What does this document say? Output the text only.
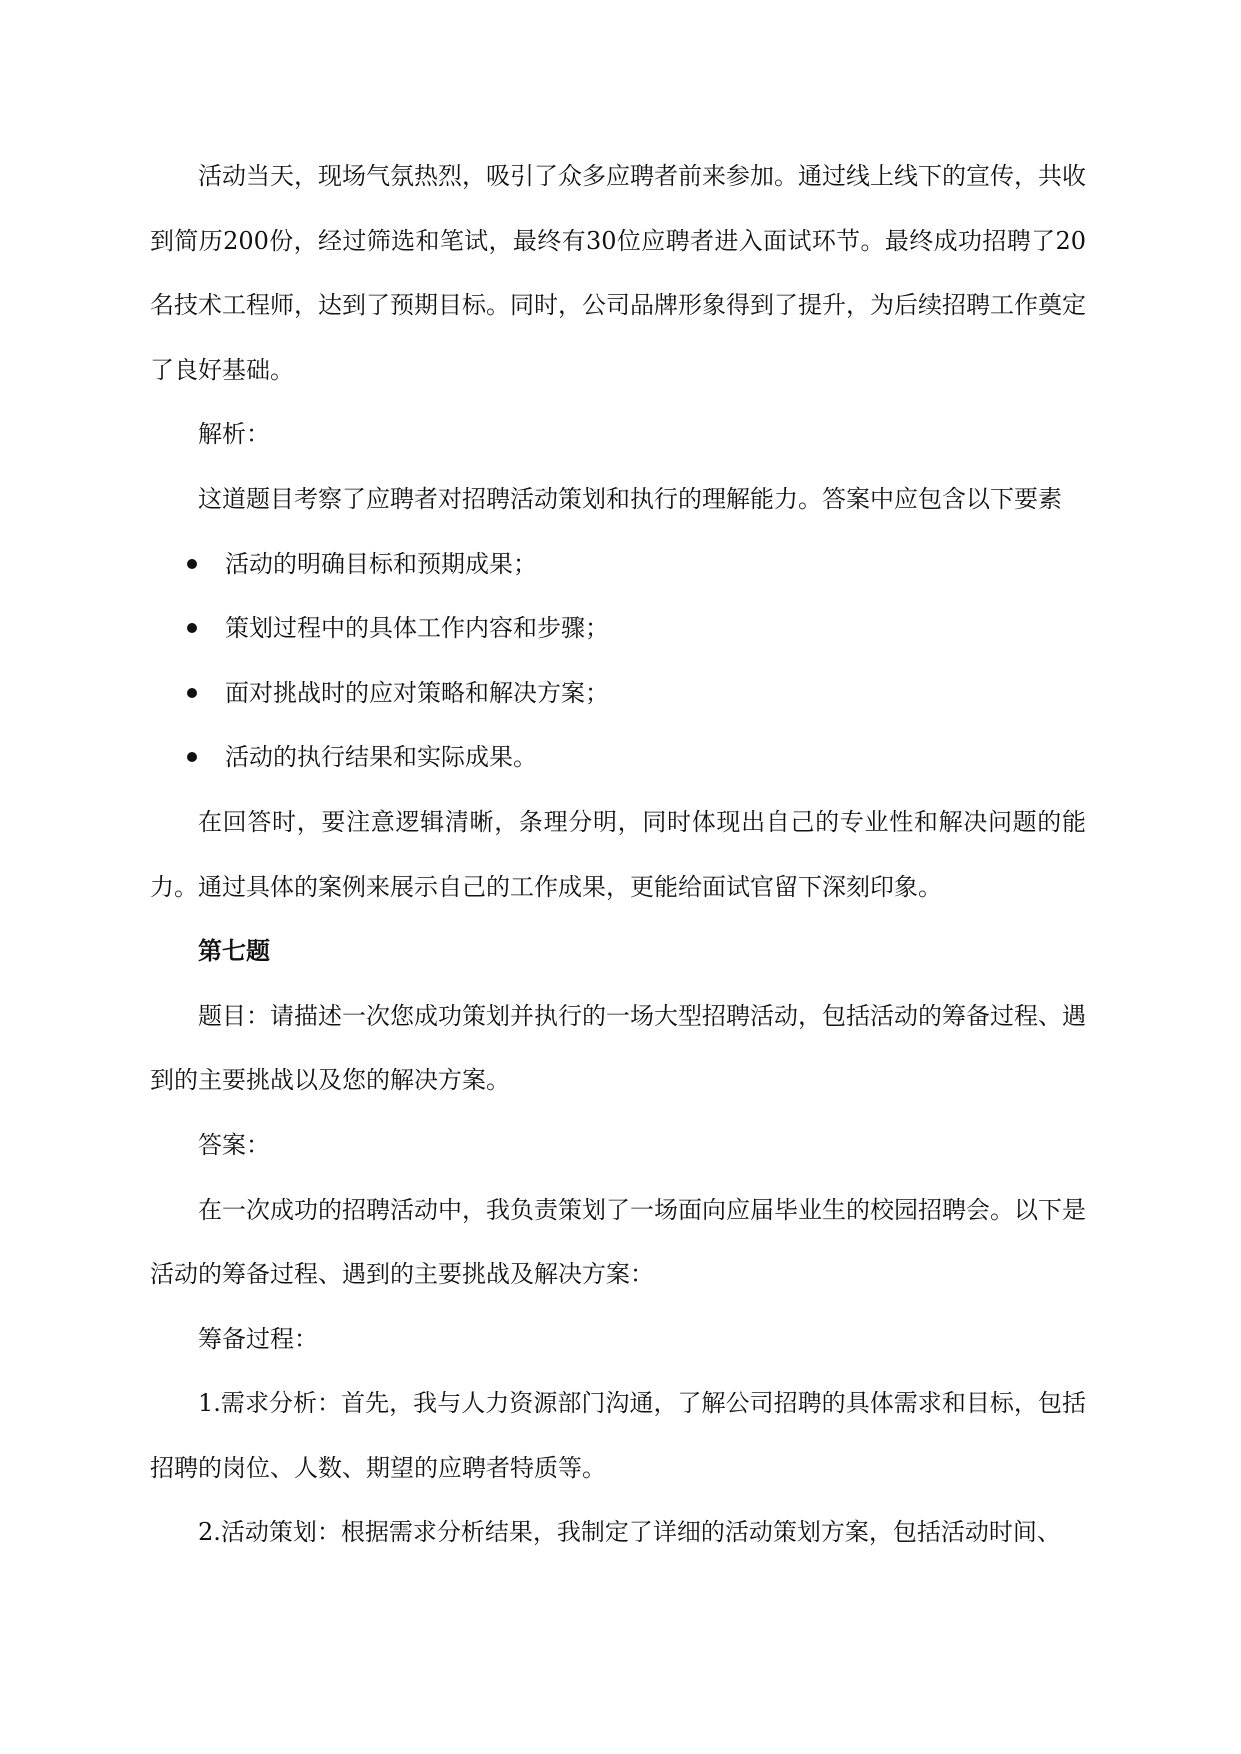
活动当天，现场气氛热烈，吸引了众多应聘者前来参加。通过线上线下的宣传，共收到简历200份，经过筛选和笔试，最终有30位应聘者进入面试环节。最终成功招聘了20名技术工程师，达到了预期目标。同时，公司品牌形象得到了提升，为后续招聘工作奠定了良好基础。

解析：

这道题目考察了应聘者对招聘活动策划和执行的理解能力。答案中应包含以下要素

活动的明确目标和预期成果；
策划过程中的具体工作内容和步骤；
面对挑战时的应对策略和解决方案；
活动的执行结果和实际成果。

在回答时，要注意逻辑清晰，条理分明，同时体现出自己的专业性和解决问题的能力。通过具体的案例来展示自己的工作成果，更能给面试官留下深刻印象。

第七题

题目：请描述一次您成功策划并执行的一场大型招聘活动，包括活动的筹备过程、遇到的主要挑战以及您的解决方案。

答案：

在一次成功的招聘活动中，我负责策划了一场面向应届毕业生的校园招聘会。以下是活动的筹备过程、遇到的主要挑战及解决方案：

筹备过程：

1.需求分析：首先，我与人力资源部门沟通，了解公司招聘的具体需求和目标，包括招聘的岗位、人数、期望的应聘者特质等。

2.活动策划：根据需求分析结果，我制定了详细的活动策划方案，包括活动时间、
